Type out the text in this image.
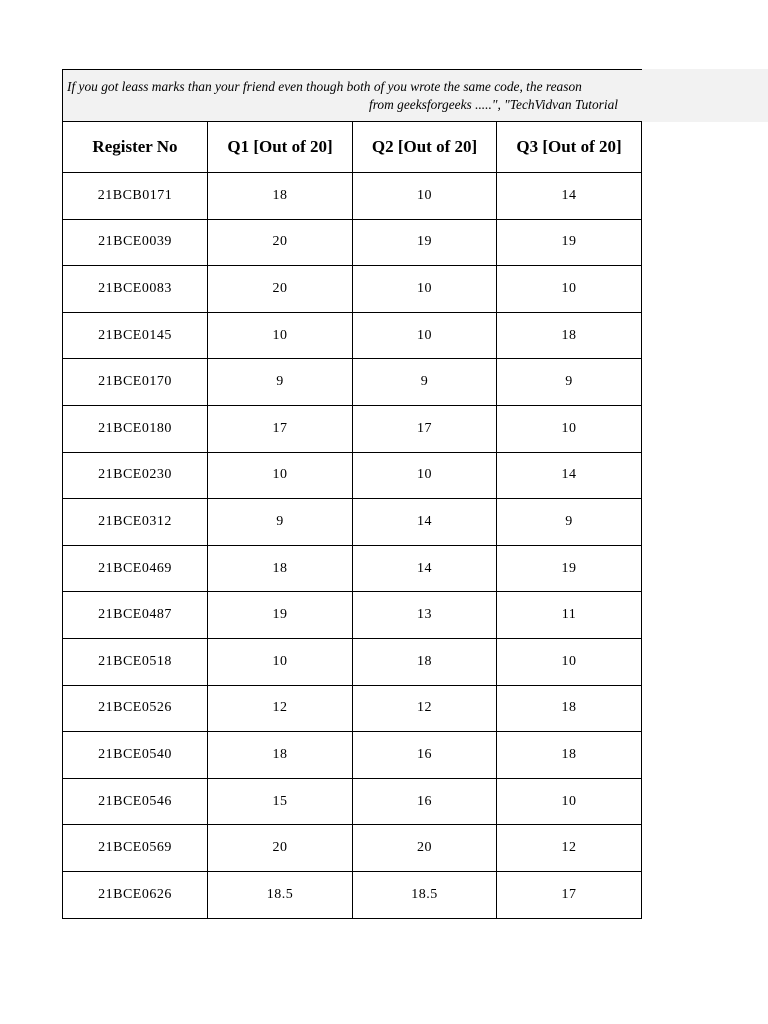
If you got leass marks than your friend even though both of you wrote the same code, the reason
from geeksforgeeks .....", "TechVidvan Tutorial
Register No	Q1 [Out of 20]	Q2 [Out of 20]	Q3 [Out of 20]
21BCB0171	18	10	14
21BCE0039	20	19	19
21BCE0083	20	10	10
21BCE0145	10	10	18
21BCE0170	9	9	9
21BCE0180	17	17	10
21BCE0230	10	10	14
21BCE0312	9	14	9
21BCE0469	18	14	19
21BCE0487	19	13	11
21BCE0518	10	18	10
21BCE0526	12	12	18
21BCE0540	18	16	18
21BCE0546	15	16	10
21BCE0569	20	20	12
21BCE0626	18.5	18.5	17
